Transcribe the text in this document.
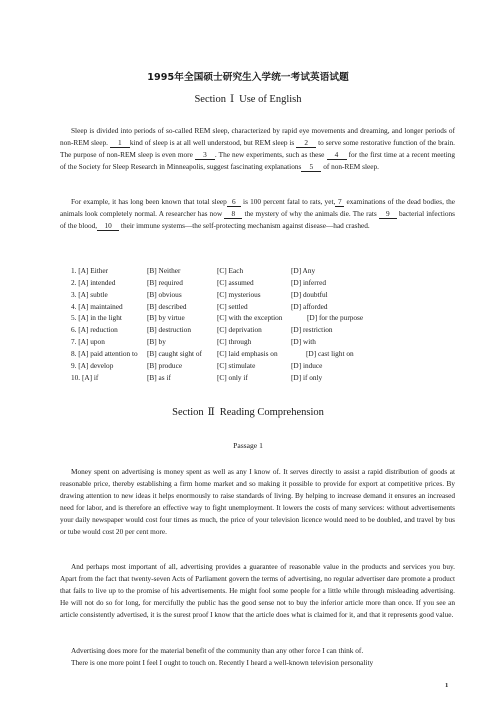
1995年全国硕士研究生入学统一考试英语试题
Section Ⅰ Use of English

Sleep is divided into periods of so-called REM sleep, characterized by rapid eye movements and dreaming, and longer periods of non-REM sleep. 1 kind of sleep is at all well understood, but REM sleep is 2 to serve some restorative function of the brain. The purpose of non-REM sleep is even more 3 . The new experiments, such as these 4 for the first time at a recent meeting of the Society for Sleep Research in Minneapolis, suggest fascinating explanations 5 of non-REM sleep.

For example, it has long been known that total sleep 6 is 100 percent fatal to rats, yet, 7 examinations of the dead bodies, the animals look completely normal. A researcher has now 8 the mystery of why the animals die. The rats 9 bacterial infections of the blood, 10 their immune systems—the self-protecting mechanism against disease—had crashed.

1. [A] Either	[B] Neither	[C] Each	[D] Any
2. [A] intended	[B] required	[C] assumed	[D] inferred
3. [A] subtle	[B] obvious	[C] mysterious	[D] doubtful
4. [A] maintained	[B] described	[C] settled	[D] afforded
5. [A] in the light	[B] by virtue	[C] with the exception	[D] for the purpose
6. [A] reduction	[B] destruction	[C] deprivation	[D] restriction
7. [A] upon	[B] by	[C] through	[D] with
8. [A] paid attention to [B] caught sight of [C] laid emphasis on	[D] cast light on
9. [A] develop	[B] produce	[C] stimulate	[D] induce
10. [A] if	[B] as if	[C] only if	[D] if only
Section Ⅱ Reading Comprehension
Passage 1

Money spent on advertising is money spent as well as any I know of. It serves directly to assist a rapid distribution of goods at reasonable price, thereby establishing a firm home market and so making it possible to provide for export at competitive prices. By drawing attention to new ideas it helps enormously to raise standards of living. By helping to increase demand it ensures an increased need for labor, and is therefore an effective way to fight unemployment. It lowers the costs of many services: without advertisements your daily newspaper would cost four times as much, the price of your television licence would need to be doubled, and travel by bus or tube would cost 20 per cent more.

And perhaps most important of all, advertising provides a guarantee of reasonable value in the products and services you buy. Apart from the fact that twenty-seven Acts of Parliament govern the terms of advertising, no regular advertiser dare promote a product that fails to live up to the promise of his advertisements. He might fool some people for a little while through misleading advertising. He will not do so for long, for mercifully the public has the good sense not to buy the inferior article more than once. If you see an article consistently advertised, it is the surest proof I know that the article does what is claimed for it, and that it represents good value.

Advertising does more for the material benefit of the community than any other force I can think of.

There is one more point I feel I ought to touch on. Recently I heard a well-known television personality

1
